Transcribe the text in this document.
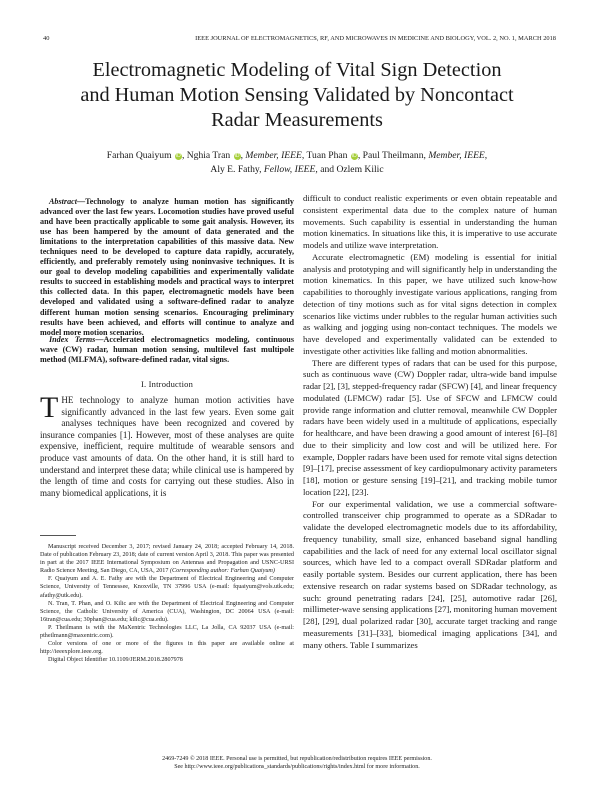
40	IEEE JOURNAL OF ELECTROMAGNETICS, RF, AND MICROWAVES IN MEDICINE AND BIOLOGY, VOL. 2, NO. 1, MARCH 2018
Electromagnetic Modeling of Vital Sign Detection
and Human Motion Sensing Validated by Noncontact
Radar Measurements
Farhan Quaiyum iD, Nghia Tran iD, Member, IEEE, Tuan Phan iD, Paul Theilmann, Member, IEEE,
Aly E. Fathy, Fellow, IEEE, and Ozlem Kilic

Abstract—Technology to analyze human motion has significantly advanced over the last few years. Locomotion studies have proved useful and have been practically applicable to some gait analysis. However, its use has been hampered by the amount of data generated and the limitations to the interpretation capabilities of this massive data. New techniques need to be developed to capture data rapidly, accurately, efficiently, and preferably remotely using noninvasive techniques. It is our goal to develop modeling capabilities and experimentally validate results to succeed in establishing models and practical ways to interpret this collected data. In this paper, electromagnetic models have been developed and validated using a software-defined radar to analyze different human motion sensing scenarios. Encouraging preliminary results have been achieved, and efforts will continue to analyze and model more motion scenarios.

Index Terms—Accelerated electromagnetics modeling, continuous wave (CW) radar, human motion sensing, multilevel fast multipole method (MLFMA), software-defined radar, vital signs.

I. Introduction

THE technology to analyze human motion activities have significantly advanced in the last few years. Even some gait analyses techniques have been recognized and covered by insurance companies [1]. However, most of these analyses are quite expensive, inefficient, require multitude of wearable sensors and produce vast amounts of data. On the other hand, it is still hard to understand and interpret these data; while clinical use is hampered by the length of time and costs for carrying out these studies. Also in many biomedical applications, it is

Manuscript received December 3, 2017; revised January 24, 2018; accepted February 14, 2018. Date of publication February 23, 2018; date of current version April 3, 2018. This paper was presented in part at the 2017 IEEE International Symposium on Antennas and Propagation and USNC-URSI Radio Science Meeting, San Diego, CA, USA, 2017 (Corresponding author: Farhan Quaiyum)

F. Quaiyum and A. E. Fathy are with the Department of Electrical Engineering and Computer Science, University of Tennessee, Knoxville, TN 37996 USA (e-mail: fquaiyum@vols.utk.edu; afathy@utk.edu).

N. Tran, T. Phan, and O. Kilic are with the Department of Electrical Engineering and Computer Science, the Catholic University of America (CUA), Washington, DC 20064 USA (e-mail: 16tran@cua.edu; 30phan@cua.edu; kilic@cua.edu).

P. Theilmann is with the MaXentric Technologies LLC, La Jolla, CA 92037 USA (e-mail: ptheilmann@maxentric.com).

Color versions of one or more of the figures in this paper are available online at http://ieeexplore.ieee.org.

Digital Object Identifier 10.1109/JERM.2018.2807978

difficult to conduct realistic experiments or even obtain repeatable and consistent experimental data due to the complex nature of human movements. Such capability is essential in understanding the human motion kinematics. In situations like this, it is imperative to use accurate models and utilize wave interpretation.

Accurate electromagnetic (EM) modeling is essential for initial analysis and prototyping and will significantly help in understanding the motion kinematics. In this paper, we have utilized such know-how capabilities to thoroughly investigate various applications, ranging from detection of tiny motions such as for vital signs detection in complex scenarios like victims under rubbles to the regular human activities such as walking and jogging using non-contact techniques. The models we have developed and experimentally validated can be extended to investigate other activities like falling and motion abnormalities.

There are different types of radars that can be used for this purpose, such as continuous wave (CW) Doppler radar, ultra-wide band impulse radar [2], [3], stepped-frequency radar (SFCW) [4], and linear frequency modulated (LFMCW) radar [5]. Use of SFCW and LFMCW could provide range information and clutter removal, meanwhile CW Doppler radars have been widely used in a multitude of applications, especially for healthcare, and have been drawing a good amount of interest [6]–[8] due to their simplicity and low cost and will be utilized here. For example, Doppler radars have been used for remote vital signs detection [9]–[17], precise assessment of key cardiopulmonary activity parameters [18], motion or gesture sensing [19]–[21], and tracking mobile tumor location [22], [23].

For our experimental validation, we use a commercial software-controlled transceiver chip programmed to operate as a SDRadar to validate the developed electromagnetic models due to its affordability, frequency tunability, small size, enhanced baseband signal handling capabilities and the lack of need for any external local oscillator signal sources, which have led to a compact overall SDRadar platform and easily portable system. Besides our current application, there has been extensive research on radar systems based on SDRadar technology, as such: ground penetrating radars [24], [25], automotive radar [26], millimeter-wave sensing applications [27], monitoring human movement [28], [29], dual polarized radar [30], accurate target tracking and range measurements [31]–[33], biomedical imaging applications [34], and many others. Table I summarizes

2469-7249 © 2018 IEEE. Personal use is permitted, but republication/redistribution requires IEEE permission.
See http://www.ieee.org/publications_standards/publications/rights/index.html for more information.
